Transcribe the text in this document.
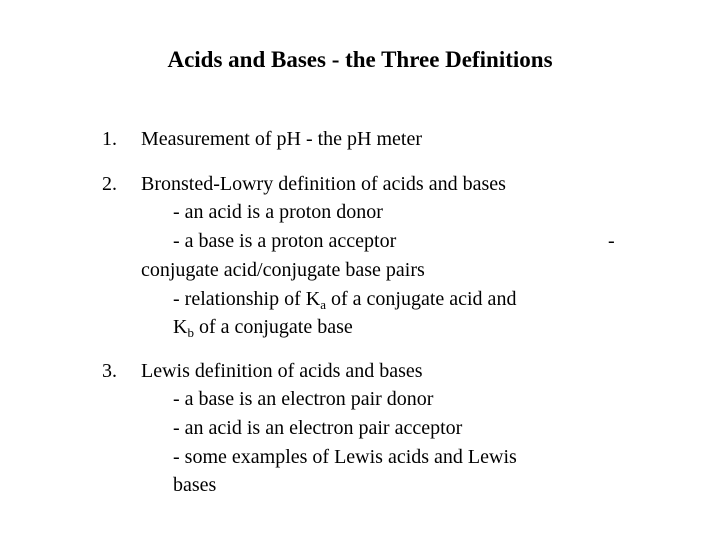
Acids and Bases - the Three Definitions
1. Measurement of pH - the pH meter
2. Bronsted-Lowry definition of acids and bases
- an acid is a proton donor
- a base is a proton acceptor	-
conjugate acid/conjugate base pairs
- relationship of $K_a$ of a conjugate acid and
$K_b$ of a conjugate base
3. Lewis definition of acids and bases
- a base is an electron pair donor
- an acid is an electron pair acceptor
- some examples of Lewis acids and Lewis
bases
